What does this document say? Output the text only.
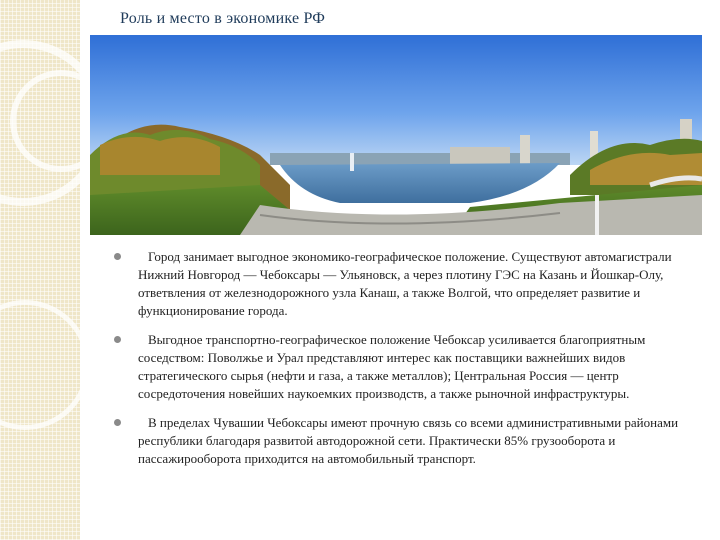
Роль и место в экономике РФ
Город занимает выгодное экономико-географическое положение. Существуют автомагистрали Нижний Новгород — Чебоксары — Ульяновск, а через плотину ГЭС на Казань и Йошкар-Олу, ответвления от железнодорожного узла Канаш, а также Волгой, что определяет развитие и функционирование города.
Выгодное транспортно-географическое положение Чебоксар усиливается благоприятным соседством: Поволжье и Урал представляют интерес как поставщики важнейших видов стратегического сырья (нефти и газа, а также металлов); Центральная Россия — центр сосредоточения новейших наукоемких производств, а также рыночной инфраструктуры.
В пределах Чувашии Чебоксары имеют прочную связь со всеми административными районами республики благодаря развитой автодорожной сети. Практически 85% грузооборота и пассажирооборота приходится на автомобильный транспорт.
